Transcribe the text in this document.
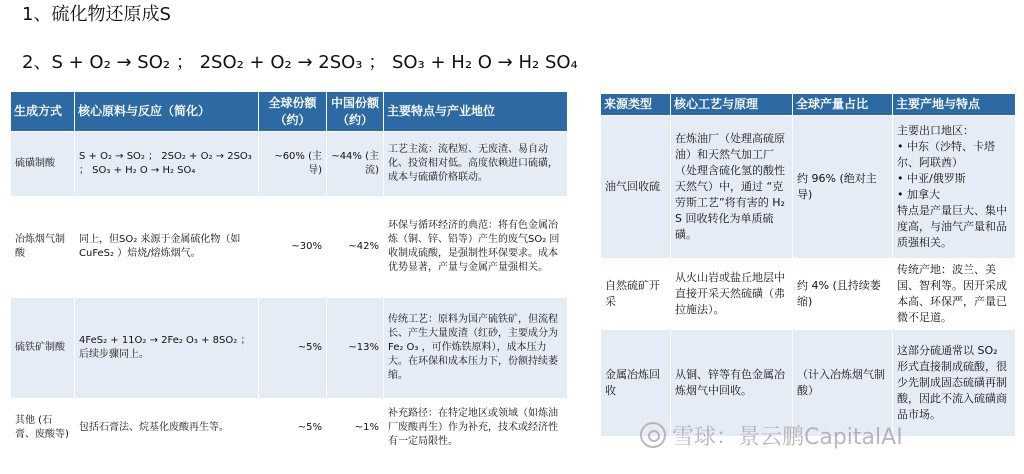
1、硫化物还原成S
2、S + O₂ → SO₂ ； 2SO₂ + O₂ → 2SO₃ ； SO₃ + H₂ O → H₂ SO₄
生成方式	核心原料与反应（简化）	全球份额（约）	中国份额（约）	主要特点与产业地位
硫磺制酸	S + O₂ → SO₂ ； 2SO₂ + O₂ → 2SO₃ ； SO₃ + H₂ O → H₂ SO₄	~60% (主导)	~44% (主流)	工艺主流：流程短、无废渣、易自动化、投资相对低。高度依赖进口硫磺，成本与硫磺价格联动。
冶炼烟气制酸	同上，但SO₂ 来源于金属硫化物（如CuFeS₂ ）焙烧/熔炼烟气。	~30%	~42%	环保与循环经济的典范：将有色金属冶炼（铜、锌、铅等）产生的废气SO₂ 回收制成硫酸，是强制性环保要求。成本优势显著，产量与金属产量强相关。
硫铁矿制酸	4FeS₂ + 11O₂ → 2Fe₂ O₃ + 8SO₂ ； 后续步骤同上。	~5%	~13%	传统工艺：原料为国产硫铁矿，但流程长、产生大量废渣（红砂，主要成分为Fe₂ O₃ ，可作炼铁原料），成本压力大。在环保和成本压力下，份额持续萎缩。
其他 (石膏、废酸等)	包括石膏法、烷基化废酸再生等。	~5%	~1%	补充路径：在特定地区或领域（如炼油厂废酸再生）作为补充，技术或经济性有一定局限性。
来源类型	核心工艺与原理	全球产量占比	主要产地与特点
油气回收硫	在炼油厂（处理高硫原油）和天然气加工厂（处理含硫化氢的酸性天然气）中，通过 “克劳斯工艺”将有害的 H₂ S 回收转化为单质硫磺。	约 96% (绝对主导)	主要出口地区：
• 中东（沙特、卡塔尔、阿联酋）
• 中亚/俄罗斯
• 加拿大
特点是产量巨大、集中度高，与油气产量和品质强相关。
自然硫矿开采	从火山岩或盐丘地层中直接开采天然硫磺（弗拉施法）。	约 4% (且持续萎缩)	传统产地：波兰、美国、智利等。因开采成本高、环保严，产量已微不足道。
金属冶炼回收	从铜、锌等有色金属冶炼烟气中回收。	（计入冶炼烟气制酸）	这部分硫通常以 SO₂ 形式直接制成硫酸，很少先制成固态硫磺再制酸，因此不流入硫磺商品市场。
雪球：景云鹏CapitalAI
